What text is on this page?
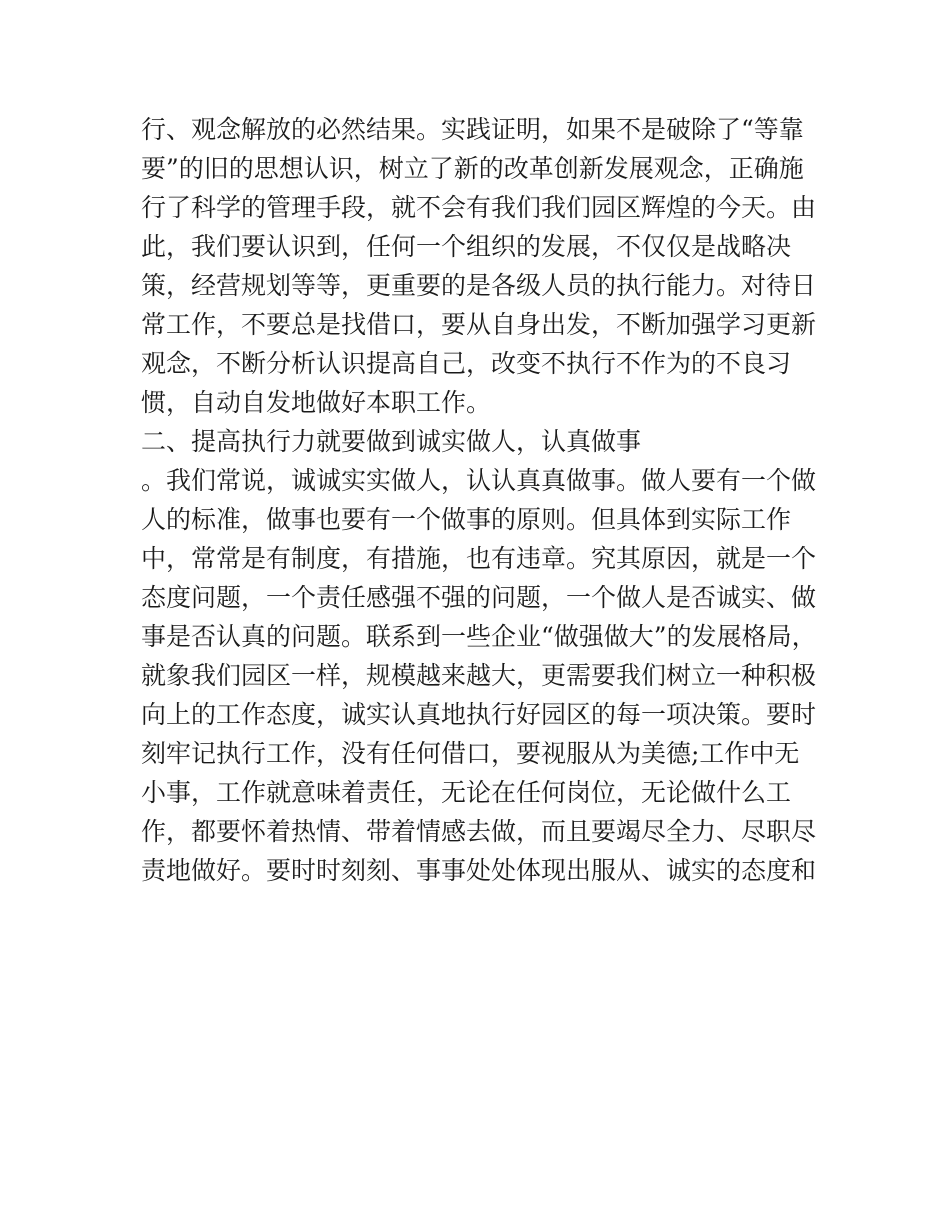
行、观念解放的必然结果。实践证明，如果不是破除了“等靠
要”的旧的思想认识，树立了新的改革创新发展观念，正确施
行了科学的管理手段，就不会有我们我们园区辉煌的今天。由
此，我们要认识到，任何一个组织的发展，不仅仅是战略决
策，经营规划等等，更重要的是各级人员的执行能力。对待日
常工作，不要总是找借口，要从自身出发，不断加强学习更新
观念，不断分析认识提高自己，改变不执行不作为的不良习
惯，自动自发地做好本职工作。
二、提高执行力就要做到诚实做人，认真做事
。我们常说，诚诚实实做人，认认真真做事。做人要有一个做
人的标准，做事也要有一个做事的原则。但具体到实际工作
中，常常是有制度，有措施，也有违章。究其原因，就是一个
态度问题，一个责任感强不强的问题，一个做人是否诚实、做
事是否认真的问题。联系到一些企业“做强做大”的发展格局，
就象我们园区一样，规模越来越大，更需要我们树立一种积极
向上的工作态度，诚实认真地执行好园区的每一项决策。要时
刻牢记执行工作，没有任何借口，要视服从为美德;工作中无
小事，工作就意味着责任，无论在任何岗位，无论做什么工
作，都要怀着热情、带着情感去做，而且要竭尽全力、尽职尽
责地做好。要时时刻刻、事事处处体现出服从、诚实的态度和
